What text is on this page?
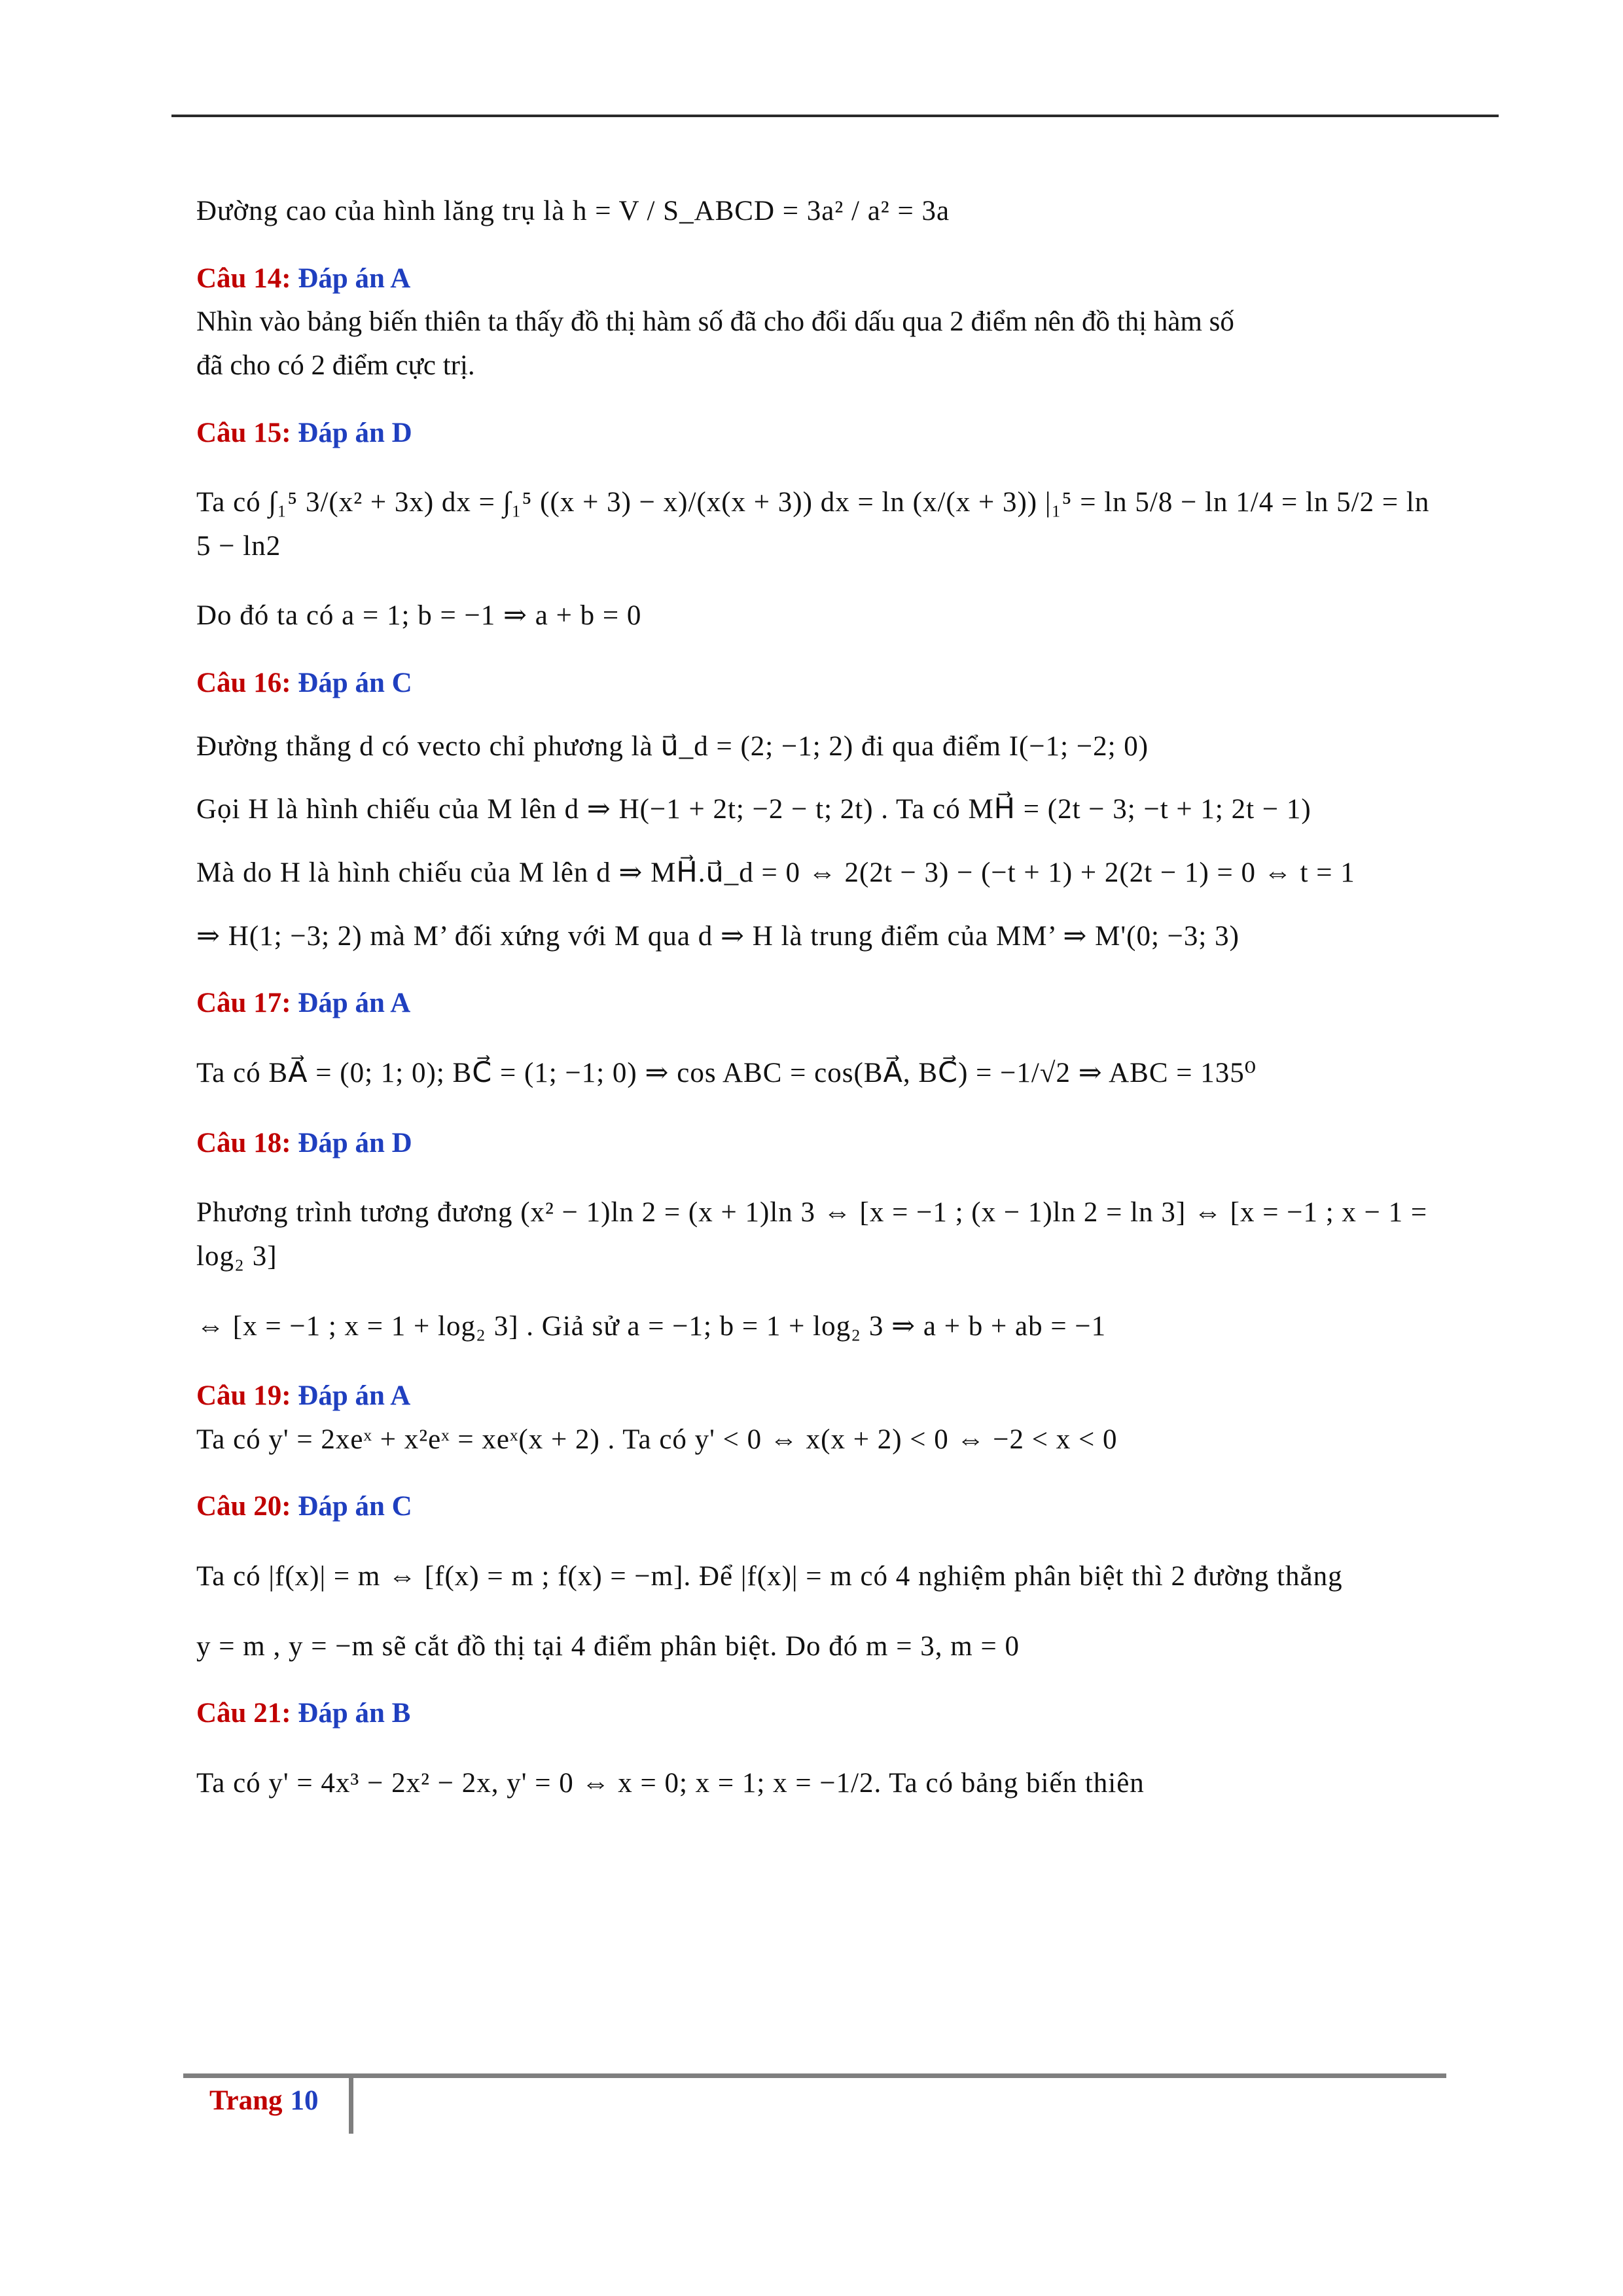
Đường cao của hình lăng trụ là h = V / S_ABCD = 3a² / a² = 3a

Câu 14: Đáp án A

Nhìn vào bảng biến thiên ta thấy đồ thị hàm số đã cho đổi dấu qua 2 điểm nên đồ thị hàm số

đã cho có 2 điểm cực trị.

Câu 15: Đáp án D

Ta có ∫₁⁵ 3/(x² + 3x) dx = ∫₁⁵ ((x + 3) − x)/(x(x + 3)) dx = ln (x/(x + 3)) |₁⁵ = ln 5/8 − ln 1/4 = ln 5/2 = ln 5 − ln2

Do đó ta có a = 1; b = −1 ⇒ a + b = 0

Câu 16: Đáp án C

Đường thẳng d có vecto chỉ phương là u⃗_d = (2; −1; 2) đi qua điểm I(−1; −2; 0)

Gọi H là hình chiếu của M lên d ⇒ H(−1 + 2t; −2 − t; 2t) . Ta có MH⃗ = (2t − 3; −t + 1; 2t − 1)

Mà do H là hình chiếu của M lên d ⇒ MH⃗.u⃗_d = 0 ⇔ 2(2t − 3) − (−t + 1) + 2(2t − 1) = 0 ⇔ t = 1

⇒ H(1; −3; 2) mà M’ đối xứng với M qua d ⇒ H là trung điểm của MM’ ⇒ M'(0; −3; 3)

Câu 17: Đáp án A

Ta có BA⃗ = (0; 1; 0); BC⃗ = (1; −1; 0) ⇒ cos ABC = cos(BA⃗, BC⃗) = −1/√2 ⇒ ABC = 135⁰

Câu 18: Đáp án D

Phương trình tương đương (x² − 1)ln 2 = (x + 1)ln 3 ⇔ [x = −1 ; (x − 1)ln 2 = ln 3] ⇔ [x = −1 ; x − 1 = log₂ 3]

⇔ [x = −1 ; x = 1 + log₂ 3] . Giả sử a = −1; b = 1 + log₂ 3 ⇒ a + b + ab = −1

Câu 19: Đáp án A

Ta có y' = 2xeˣ + x²eˣ = xeˣ(x + 2) . Ta có y' < 0 ⇔ x(x + 2) < 0 ⇔ −2 < x < 0

Câu 20: Đáp án C

Ta có |f(x)| = m ⇔ [f(x) = m ; f(x) = −m]. Để |f(x)| = m có 4 nghiệm phân biệt thì 2 đường thẳng

y = m , y = −m sẽ cắt đồ thị tại 4 điểm phân biệt. Do đó m = 3, m = 0

Câu 21: Đáp án B

Ta có y' = 4x³ − 2x² − 2x, y' = 0 ⇔ x = 0; x = 1; x = −1/2. Ta có bảng biến thiên

Trang 10
